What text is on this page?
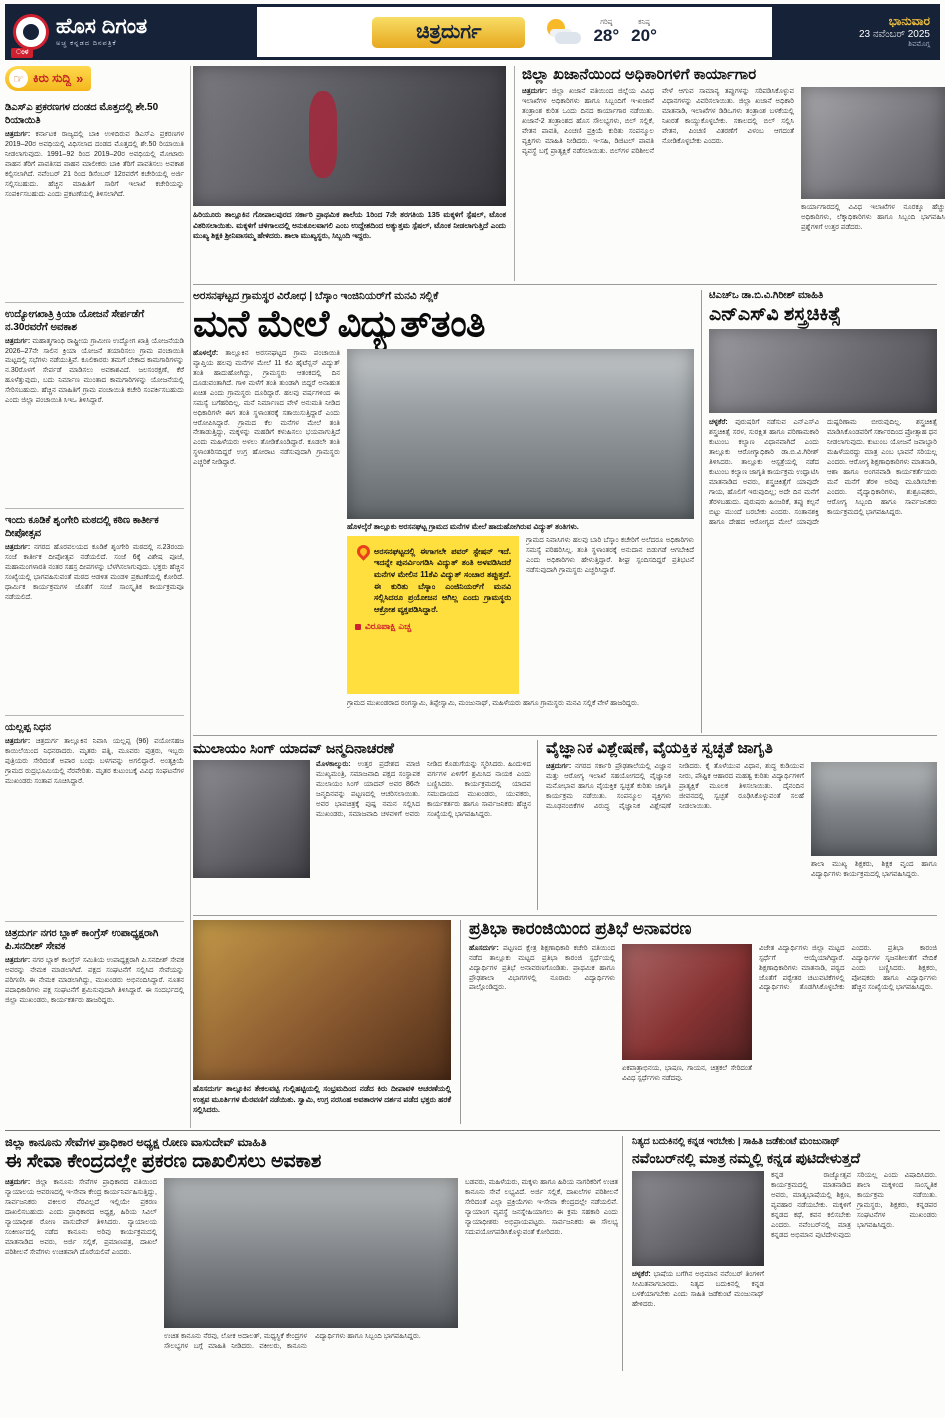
ಹೊಸ ದಿಗಂತ
ಅಚ್ಚ ಕನ್ನಡದ ದಿನಪತ್ರಿಕೆ
ಂಳ
ಚಿತ್ರದುರ್ಗ	ಗರಿಷ್ಠ
28°
ಕನಿಷ್ಠ
20°
ಭಾನುವಾರ
23 ನವೆಂಬರ್ 2025
ಶಿವಮೊಗ್ಗ
☞ ಕಿರು ಸುದ್ದಿ »
ಡಿಎಸ್‌ಎ ಪ್ರಕರಣಗಳ ದಂಡದ ಮೊತ್ತದಲ್ಲಿ ಶೇ.50 ರಿಯಾಯಿತಿ
ಚಿತ್ರದುರ್ಗ: ಕರ್ನಾಟಕ ರಾಜ್ಯದಲ್ಲಿ ಬಾಕಿ ಉಳಿದಿರುವ ಡಿಎಸ್‌ಎ ಪ್ರಕರಣಗಳ 2019–20ರ ಅವಧಿಯಲ್ಲಿ ವಿಧಿಸಲಾದ ದಂಡದ ಮೊತ್ತದಲ್ಲಿ ಶೇ.50 ರಿಯಾಯಿತಿ ನೀಡಲಾಗುವುದು. 1991–92 ರಿಂದ 2019–20ರ ಅವಧಿಯಲ್ಲಿ ಮೋಟಾರು ವಾಹನ ತೆರಿಗೆ ಪಾವತಿಸದ ವಾಹನ ಮಾಲೀಕರು ಬಾಕಿ ತೆರಿಗೆ ಪಾವತಿಸಲು ಅವಕಾಶ ಕಲ್ಪಿಸಲಾಗಿದೆ. ನವೆಂಬರ್ 21 ರಿಂದ ಡಿಸೆಂಬರ್ 12ರವರೆಗೆ ಕಚೇರಿಯಲ್ಲಿ ಅರ್ಜಿ ಸಲ್ಲಿಸಬಹುದು. ಹೆಚ್ಚಿನ ಮಾಹಿತಿಗೆ ಸಾರಿಗೆ ಇಲಾಖೆ ಕಚೇರಿಯನ್ನು ಸಂಪರ್ಕಿಸಬಹುದು ಎಂದು ಪ್ರಕಟಣೆಯಲ್ಲಿ ತಿಳಿಸಲಾಗಿದೆ.
ಉದ್ಯೋಗಖಾತ್ರಿ ಕ್ರಿಯಾ ಯೋಜನೆ ಸೇರ್ಪಡೆಗೆ ನ.30ರವರೆಗೆ ಅವಕಾಶ
ಚಿತ್ರದುರ್ಗ: ಮಹಾತ್ಮಗಾಂಧಿ ರಾಷ್ಟ್ರೀಯ ಗ್ರಾಮೀಣ ಉದ್ಯೋಗ ಖಾತ್ರಿ ಯೋಜನೆಯಡಿ 2026–27ನೇ ಸಾಲಿನ ಕ್ರಿಯಾ ಯೋಜನೆ ತಯಾರಿಸಲು ಗ್ರಾಮ ಪಂಚಾಯಿತಿ ಮಟ್ಟದಲ್ಲಿ ಸಭೆಗಳು ನಡೆಯುತ್ತಿವೆ. ಕೂಲಿಕಾರರು ತಮಗೆ ಬೇಕಾದ ಕಾಮಗಾರಿಗಳನ್ನು ನ.30ರೊಳಗೆ ಸೇರ್ಪಡೆ ಮಾಡಿಸಲು ಅವಕಾಶವಿದೆ. ಜಲಸಂರಕ್ಷಣೆ, ಕೆರೆ ಹೂಳೆತ್ತುವುದು, ಬದು ನಿರ್ಮಾಣ ಮುಂತಾದ ಕಾಮಗಾರಿಗಳನ್ನು ಯೋಜನೆಯಲ್ಲಿ ಸೇರಿಸಬಹುದು. ಹೆಚ್ಚಿನ ಮಾಹಿತಿಗೆ ಗ್ರಾಮ ಪಂಚಾಯಿತಿ ಕಚೇರಿ ಸಂಪರ್ಕಿಸಬಹುದು ಎಂದು ಜಿಲ್ಲಾ ಪಂಚಾಯಿತಿ ಸಿಇಒ ತಿಳಿಸಿದ್ದಾರೆ.
ಇಂದು ಕೂಡಿಕೆ ಶೃಂಗೇರಿ ಮಠದಲ್ಲಿ ಕಠಿಣ ಕಾರ್ತೀಕ ದೀಪೋತ್ಸವ
ಚಿತ್ರದುರ್ಗ: ನಗರದ ಹೊರವಲಯದ ಕೂಡಿಕೆ ಶೃಂಗೇರಿ ಮಠದಲ್ಲಿ ನ.23ರಂದು ಸಂಜೆ ಕಾರ್ತೀಕ ದೀಪೋತ್ಸವ ನಡೆಯಲಿದೆ. ಸಂಜೆ 6ಕ್ಕೆ ವಿಶೇಷ ಪೂಜೆ, ಮಹಾಮಂಗಳಾರತಿ ನಂತರ ಸಹಸ್ರ ದೀಪಗಳನ್ನು ಬೆಳಗಿಸಲಾಗುವುದು. ಭಕ್ತರು ಹೆಚ್ಚಿನ ಸಂಖ್ಯೆಯಲ್ಲಿ ಭಾಗವಹಿಸುವಂತೆ ಮಠದ ಆಡಳಿತ ಮಂಡಳಿ ಪ್ರಕಟಣೆಯಲ್ಲಿ ಕೋರಿದೆ. ಧಾರ್ಮಿಕ ಕಾರ್ಯಕ್ರಮಗಳ ಜೊತೆಗೆ ಸಂಜೆ ಸಾಂಸ್ಕೃತಿಕ ಕಾರ್ಯಕ್ರಮವೂ ನಡೆಯಲಿದೆ.
ಯಲ್ಲಪ್ಪ ನಿಧನ
ಚಿತ್ರದುರ್ಗ: ಚಿತ್ರದುರ್ಗ ತಾಲ್ಲೂಕಿನ ನಿವಾಸಿ ಯಲ್ಲಪ್ಪ (96) ವಯೋಸಹಜ ಕಾಯಿಲೆಯಿಂದ ನಿಧನರಾದರು. ಮೃತರು ಪತ್ನಿ, ಮೂವರು ಪುತ್ರರು, ಇಬ್ಬರು ಪುತ್ರಿಯರು ಸೇರಿದಂತೆ ಅಪಾರ ಬಂಧು ಬಳಗವನ್ನು ಅಗಲಿದ್ದಾರೆ. ಅಂತ್ಯಕ್ರಿಯೆ ಗ್ರಾಮದ ರುದ್ರಭೂಮಿಯಲ್ಲಿ ನೆರವೇರಿತು. ಮೃತರ ಕುಟುಂಬಕ್ಕೆ ವಿವಿಧ ಸಂಘಟನೆಗಳ ಮುಖಂಡರು ಸಂತಾಪ ಸೂಚಿಸಿದ್ದಾರೆ.
ಚಿತ್ರದುರ್ಗ ನಗರ ಬ್ಲಾಕ್ ಕಾಂಗ್ರೆಸ್ ಉಪಾಧ್ಯಕ್ಷರಾಗಿ ಪಿ.ಸನದೀಶ್ ಸೇವಕ
ಚಿತ್ರದುರ್ಗ: ನಗರ ಬ್ಲಾಕ್ ಕಾಂಗ್ರೆಸ್ ಸಮಿತಿಯ ಉಪಾಧ್ಯಕ್ಷರಾಗಿ ಪಿ.ಸನದೀಶ್ ಸೇವಕ ಅವರನ್ನು ನೇಮಕ ಮಾಡಲಾಗಿದೆ. ಪಕ್ಷದ ಸಂಘಟನೆಗೆ ಸಲ್ಲಿಸಿದ ಸೇವೆಯನ್ನು ಪರಿಗಣಿಸಿ ಈ ನೇಮಕ ಮಾಡಲಾಗಿದ್ದು, ಮುಖಂಡರು ಅಭಿನಂದಿಸಿದ್ದಾರೆ. ನೂತನ ಪದಾಧಿಕಾರಿಗಳು ಪಕ್ಷ ಸಂಘಟನೆಗೆ ಶ್ರಮಿಸುವುದಾಗಿ ತಿಳಿಸಿದ್ದಾರೆ. ಈ ಸಂದರ್ಭದಲ್ಲಿ ಜಿಲ್ಲಾ ಮುಖಂಡರು, ಕಾರ್ಯಕರ್ತರು ಹಾಜರಿದ್ದರು.
ಹಿರಿಯೂರು ತಾಲ್ಲೂಕಿನ ಗೋಪಾಲಪುರದ ಸರ್ಕಾರಿ ಪ್ರಾಥಮಿಕ ಶಾಲೆಯ 1ರಿಂದ 7ನೇ ತರಗತಿಯ 135 ಮಕ್ಕಳಿಗೆ ಸ್ಪೆಷಲ್, ಟೊಂಕ ವಿತರಿಸಲಾಯಿತು. ಮಕ್ಕಳಿಗೆ ಚಳಿಗಾಲದಲ್ಲಿ ಅನುಕೂಲವಾಗಲಿ ಎಂಬ ಉದ್ದೇಶದಿಂದ ಅತ್ಯುತ್ತಮ ಸ್ಪೆಷಲ್, ಟೊಂಕ ನೀಡಲಾಗುತ್ತಿದೆ ಎಂದು ಮುಖ್ಯ ಶಿಕ್ಷಕಿ ಶ್ರೀನಿವಾಸಮ್ಮ ಹೇಳಿದರು. ಶಾಲಾ ಮುಖ್ಯಸ್ಥರು, ಸಿಬ್ಬಂದಿ ಇದ್ದರು.
ಜಿಲ್ಲಾ ಖಜಾನೆಯಿಂದ ಅಧಿಕಾರಿಗಳಿಗೆ ಕಾರ್ಯಾಗಾರ
ಚಿತ್ರದುರ್ಗ: ಜಿಲ್ಲಾ ಖಜಾನೆ ವತಿಯಿಂದ ಜಿಲ್ಲೆಯ ವಿವಿಧ ಇಲಾಖೆಗಳ ಅಧಿಕಾರಿಗಳು ಹಾಗೂ ಸಿಬ್ಬಂದಿಗೆ ಇ-ಖಜಾನೆ ತಂತ್ರಾಂಶ ಕುರಿತ ಒಂದು ದಿನದ ಕಾರ್ಯಾಗಾರ ನಡೆಯಿತು. ಖಜಾನೆ-2 ತಂತ್ರಾಂಶದ ಹೊಸ ಸೌಲಭ್ಯಗಳು, ಬಿಲ್ ಸಲ್ಲಿಕೆ, ವೇತನ ಪಾವತಿ, ಪಿಂಚಣಿ ಪ್ರಕ್ರಿಯೆ ಕುರಿತು ಸಂಪನ್ಮೂಲ ವ್ಯಕ್ತಿಗಳು ಮಾಹಿತಿ ನೀಡಿದರು. ಇ-ಸಹಿ, ಡಿಜಿಟಲ್ ಪಾವತಿ ವ್ಯವಸ್ಥೆ ಬಗ್ಗೆ ಪ್ರಾತ್ಯಕ್ಷಿಕೆ ನಡೆಸಲಾಯಿತು. ಬಿಲ್‌ಗಳ ಪರಿಶೀಲನೆ ವೇಳೆ ಆಗುವ ಸಾಮಾನ್ಯ ತಪ್ಪುಗಳನ್ನು ಸರಿಪಡಿಸಿಕೊಳ್ಳುವ ವಿಧಾನಗಳನ್ನು ವಿವರಿಸಲಾಯಿತು. ಜಿಲ್ಲಾ ಖಜಾನೆ ಅಧಿಕಾರಿ ಮಾತನಾಡಿ, ಇಲಾಖೆಗಳ ಡಿಡಿಒಗಳು ತಂತ್ರಾಂಶ ಬಳಕೆಯಲ್ಲಿ ನಿಖರತೆ ಕಾಯ್ದುಕೊಳ್ಳಬೇಕು. ಸಕಾಲದಲ್ಲಿ ಬಿಲ್ ಸಲ್ಲಿಸಿ ವೇತನ, ಪಿಂಚಣಿ ವಿತರಣೆಗೆ ವಿಳಂಬ ಆಗದಂತೆ ನೋಡಿಕೊಳ್ಳಬೇಕು ಎಂದರು.
ಕಾರ್ಯಾಗಾರದಲ್ಲಿ ವಿವಿಧ ಇಲಾಖೆಗಳ ನೂರಕ್ಕೂ ಹೆಚ್ಚು ಅಧಿಕಾರಿಗಳು, ಲೆಕ್ಕಾಧಿಕಾರಿಗಳು ಹಾಗೂ ಸಿಬ್ಬಂದಿ ಭಾಗವಹಿಸಿ ಪ್ರಶ್ನೆಗಳಿಗೆ ಉತ್ತರ ಪಡೆದರು.
ಅರಸನಘಟ್ಟದ ಗ್ರಾಮಸ್ಥರ ವಿರೋಧ | ಬೆಸ್ಕಾಂ ಇಂಜಿನಿಯರ್‌ಗೆ ಮನವಿ ಸಲ್ಲಿಕೆ
ಮನೆ ಮೇಲೆ ವಿದ್ಯುತ್‌ತಂತಿ
ಹೊಳಲ್ಕೆರೆ: ತಾಲ್ಲೂಕಿನ ಅರಸನಘಟ್ಟದ ಗ್ರಾಮ ಪಂಚಾಯಿತಿ ವ್ಯಾಪ್ತಿಯ ಹಲವು ಮನೆಗಳ ಮೇಲೆ 11 ಕೆವಿ ಹೈಟೆನ್ಷನ್ ವಿದ್ಯುತ್ ತಂತಿ ಹಾದುಹೋಗಿದ್ದು, ಗ್ರಾಮಸ್ಥರು ಆತಂಕದಲ್ಲಿ ದಿನ ದೂಡುವಂತಾಗಿದೆ. ಗಾಳಿ ಮಳೆಗೆ ತಂತಿ ತುಂಡಾಗಿ ಬಿದ್ದರೆ ಅನಾಹುತ ಖಚಿತ ಎಂದು ಗ್ರಾಮಸ್ಥರು ದೂರಿದ್ದಾರೆ. ಹಲವು ವರ್ಷಗಳಿಂದ ಈ ಸಮಸ್ಯೆ ಬಗೆಹರಿದಿಲ್ಲ. ಮನೆ ನಿರ್ಮಾಣದ ವೇಳೆ ಅನುಮತಿ ನೀಡಿದ ಅಧಿಕಾರಿಗಳೇ ಈಗ ತಂತಿ ಸ್ಥಳಾಂತರಕ್ಕೆ ಸತಾಯಿಸುತ್ತಿದ್ದಾರೆ ಎಂದು ಆರೋಪಿಸಿದ್ದಾರೆ. ಗ್ರಾಮದ ಕೆಲ ಮನೆಗಳ ಮೇಲೆ ತಂತಿ ನೇತಾಡುತ್ತಿದ್ದು, ಮಕ್ಕಳನ್ನು ಮಹಡಿಗೆ ಕಳುಹಿಸಲು ಭಯವಾಗುತ್ತಿದೆ ಎಂದು ಮಹಿಳೆಯರು ಅಳಲು ತೋಡಿಕೊಂಡಿದ್ದಾರೆ. ಕೂಡಲೇ ತಂತಿ ಸ್ಥಳಾಂತರಿಸದಿದ್ದರೆ ಉಗ್ರ ಹೋರಾಟ ನಡೆಸುವುದಾಗಿ ಗ್ರಾಮಸ್ಥರು ಎಚ್ಚರಿಕೆ ನೀಡಿದ್ದಾರೆ.
ಹೊಳಲ್ಕೆರೆ ತಾಲ್ಲೂಕು ಅರಸನಘಟ್ಟ ಗ್ರಾಮದ ಮನೆಗಳ ಮೇಲೆ ಹಾದುಹೋಗಿರುವ ವಿದ್ಯುತ್ ತಂತಿಗಳು.
ಅರಸನಘಟ್ಟದಲ್ಲಿ ಈಗಾಗಲೇ ಪವರ್ ಸ್ಟೇಷನ್ ಇದೆ. ಇದನ್ನೇ ಪುನರ್ವಿಂಗಡಿಸಿ ವಿದ್ಯುತ್ ತಂತಿ ಅಳವಡಿಸಿದರೆ ಮನೆಗಳ ಮೇಲಿನ 11ಕೆವಿ ವಿದ್ಯುತ್ ಸಂಚಾರ ತಪ್ಪುತ್ತದೆ. ಈ ಕುರಿತು ಬೆಸ್ಕಾಂ ಎಂಜಿನಿಯರ್‌ಗೆ ಮನವಿ ಸಲ್ಲಿಸಿದರೂ ಪ್ರಯೋಜನ ಆಗಿಲ್ಲ ಎಂದು ಗ್ರಾಮಸ್ಥರು ಆಕ್ರೋಶ ವ್ಯಕ್ತಪಡಿಸಿದ್ದಾರೆ.
ವಿರೂಪಾಕ್ಷಿ ಎಚ್ಚ
ಗ್ರಾಮದ ನಿವಾಸಿಗಳು ಹಲವು ಬಾರಿ ಬೆಸ್ಕಾಂ ಕಚೇರಿಗೆ ಅಲೆದರೂ ಅಧಿಕಾರಿಗಳು ಸಮಸ್ಯೆ ಪರಿಹರಿಸಿಲ್ಲ. ತಂತಿ ಸ್ಥಳಾಂತರಕ್ಕೆ ಅನುದಾನ ಬಿಡುಗಡೆ ಆಗಬೇಕಿದೆ ಎಂದು ಅಧಿಕಾರಿಗಳು ಹೇಳುತ್ತಿದ್ದಾರೆ. ಶೀಘ್ರ ಸ್ಪಂದಿಸದಿದ್ದರೆ ಪ್ರತಿಭಟನೆ ನಡೆಸುವುದಾಗಿ ಗ್ರಾಮಸ್ಥರು ಎಚ್ಚರಿಸಿದ್ದಾರೆ.
ಗ್ರಾಮದ ಮುಖಂಡರಾದ ರಂಗಸ್ವಾಮಿ, ತಿಪ್ಪೇಸ್ವಾಮಿ, ಮಂಜುನಾಥ್, ಮಹಿಳೆಯರು ಹಾಗೂ ಗ್ರಾಮಸ್ಥರು ಮನವಿ ಸಲ್ಲಿಕೆ ವೇಳೆ ಹಾಜರಿದ್ದರು.
ಟಿಎಚ್‌ಒ ಡಾ.ಬಿ.ವಿ.ಗಿರೀಶ್ ಮಾಹಿತಿ
ಎನ್‌ಎಸ್‌ವಿ ಶಸ್ತ್ರಚಿಕಿತ್ಸೆ
ಚಳ್ಳಕೆರೆ: ಪುರುಷರಿಗೆ ನಡೆಸುವ ಎನ್‌ಎಸ್‌ವಿ ಶಸ್ತ್ರಚಿಕಿತ್ಸೆ ಸರಳ, ಸುರಕ್ಷಿತ ಹಾಗೂ ಪರಿಣಾಮಕಾರಿ ಕುಟುಂಬ ಕಲ್ಯಾಣ ವಿಧಾನವಾಗಿದೆ ಎಂದು ತಾಲ್ಲೂಕು ಆರೋಗ್ಯಾಧಿಕಾರಿ ಡಾ.ಬಿ.ವಿ.ಗಿರೀಶ್ ತಿಳಿಸಿದರು. ತಾಲ್ಲೂಕು ಆಸ್ಪತ್ರೆಯಲ್ಲಿ ನಡೆದ ಕುಟುಂಬ ಕಲ್ಯಾಣ ಜಾಗೃತಿ ಕಾರ್ಯಕ್ರಮ ಉದ್ಘಾಟಿಸಿ ಮಾತನಾಡಿದ ಅವರು, ಶಸ್ತ್ರಚಿಕಿತ್ಸೆಗೆ ಯಾವುದೇ ಗಾಯ, ಹೊಲಿಗೆ ಇರುವುದಿಲ್ಲ; ಅದೇ ದಿನ ಮನೆಗೆ ತೆರಳಬಹುದು. ಪುರುಷರು ಹಿಂಜರಿಕೆ, ತಪ್ಪು ಕಲ್ಪನೆ ಬಿಟ್ಟು ಮುಂದೆ ಬರಬೇಕು ಎಂದರು. ಸಂತಾನಶಕ್ತಿ ಹಾಗೂ ದೇಹದ ಆರೋಗ್ಯದ ಮೇಲೆ ಯಾವುದೇ ದುಷ್ಪರಿಣಾಮ ಬೀರುವುದಿಲ್ಲ. ಶಸ್ತ್ರಚಿಕಿತ್ಸೆ ಮಾಡಿಸಿಕೊಂಡವರಿಗೆ ಸರ್ಕಾರದಿಂದ ಪ್ರೋತ್ಸಾಹ ಧನ ನೀಡಲಾಗುವುದು. ಕುಟುಂಬ ಯೋಜನೆ ಜವಾಬ್ದಾರಿ ಮಹಿಳೆಯರದ್ದು ಮಾತ್ರ ಎಂಬ ಭಾವನೆ ಸರಿಯಲ್ಲ ಎಂದರು. ಆರೋಗ್ಯ ಶಿಕ್ಷಣಾಧಿಕಾರಿಗಳು ಮಾತನಾಡಿ, ಆಶಾ ಹಾಗೂ ಅಂಗನವಾಡಿ ಕಾರ್ಯಕರ್ತೆಯರು ಮನೆ ಮನೆಗೆ ತೆರಳಿ ಅರಿವು ಮೂಡಿಸಬೇಕು ಎಂದರು. ವೈದ್ಯಾಧಿಕಾರಿಗಳು, ಶುಶ್ರೂಷಕರು, ಆರೋಗ್ಯ ಸಿಬ್ಬಂದಿ ಹಾಗೂ ಸಾರ್ವಜನಿಕರು ಕಾರ್ಯಕ್ರಮದಲ್ಲಿ ಭಾಗವಹಿಸಿದ್ದರು.
ಮುಲಾಯಂ ಸಿಂಗ್ ಯಾದವ್ ಜನ್ಮದಿನಾಚರಣೆ
ಮೊಳಕಾಲ್ಮುರು: ಉತ್ತರ ಪ್ರದೇಶದ ಮಾಜಿ ಮುಖ್ಯಮಂತ್ರಿ, ಸಮಾಜವಾದಿ ಪಕ್ಷದ ಸಂಸ್ಥಾಪಕ ಮುಲಾಯಂ ಸಿಂಗ್ ಯಾದವ್ ಅವರ 86ನೇ ಜನ್ಮದಿನವನ್ನು ಪಟ್ಟಣದಲ್ಲಿ ಆಚರಿಸಲಾಯಿತು. ಅವರ ಭಾವಚಿತ್ರಕ್ಕೆ ಪುಷ್ಪ ನಮನ ಸಲ್ಲಿಸಿದ ಮುಖಂಡರು, ಸಮಾಜವಾದಿ ಚಳವಳಿಗೆ ಅವರು ನೀಡಿದ ಕೊಡುಗೆಯನ್ನು ಸ್ಮರಿಸಿದರು. ಹಿಂದುಳಿದ ವರ್ಗಗಳ ಏಳಿಗೆಗೆ ಶ್ರಮಿಸಿದ ನಾಯಕ ಎಂದು ಬಣ್ಣಿಸಿದರು. ಕಾರ್ಯಕ್ರಮದಲ್ಲಿ ಯಾದವ ಸಮುದಾಯದ ಮುಖಂಡರು, ಯುವಕರು, ಕಾರ್ಯಕರ್ತರು ಹಾಗೂ ಸಾರ್ವಜನಿಕರು ಹೆಚ್ಚಿನ ಸಂಖ್ಯೆಯಲ್ಲಿ ಭಾಗವಹಿಸಿದ್ದರು.
ವೈಜ್ಞಾನಿಕ ವಿಶ್ಲೇಷಣೆ, ವೈಯಕ್ತಿಕ ಸ್ವಚ್ಛತೆ ಜಾಗೃತಿ
ಚಿತ್ರದುರ್ಗ: ನಗರದ ಸರ್ಕಾರಿ ಪ್ರೌಢಶಾಲೆಯಲ್ಲಿ ವಿಜ್ಞಾನ ಮತ್ತು ಆರೋಗ್ಯ ಇಲಾಖೆ ಸಹಯೋಗದಲ್ಲಿ ವೈಜ್ಞಾನಿಕ ಮನೋಭಾವ ಹಾಗೂ ವೈಯಕ್ತಿಕ ಸ್ವಚ್ಛತೆ ಕುರಿತು ಜಾಗೃತಿ ಕಾರ್ಯಕ್ರಮ ನಡೆಯಿತು. ಸಂಪನ್ಮೂಲ ವ್ಯಕ್ತಿಗಳು ಮೂಢನಂಬಿಕೆಗಳ ವಿರುದ್ಧ ವೈಜ್ಞಾನಿಕ ವಿಶ್ಲೇಷಣೆ ನೀಡಿದರು. ಕೈ ತೊಳೆಯುವ ವಿಧಾನ, ಶುದ್ಧ ಕುಡಿಯುವ ನೀರು, ಪೌಷ್ಟಿಕ ಆಹಾರದ ಮಹತ್ವ ಕುರಿತು ವಿದ್ಯಾರ್ಥಿಗಳಿಗೆ ಪ್ರಾತ್ಯಕ್ಷಿಕೆ ಮೂಲಕ ತಿಳಿಸಲಾಯಿತು. ದೈನಂದಿನ ಜೀವನದಲ್ಲಿ ಸ್ವಚ್ಛತೆ ರೂಢಿಸಿಕೊಳ್ಳುವಂತೆ ಸಲಹೆ ನೀಡಲಾಯಿತು.
ಶಾಲಾ ಮುಖ್ಯ ಶಿಕ್ಷಕರು, ಶಿಕ್ಷಕ ವೃಂದ ಹಾಗೂ ವಿದ್ಯಾರ್ಥಿಗಳು ಕಾರ್ಯಕ್ರಮದಲ್ಲಿ ಭಾಗವಹಿಸಿದ್ದರು.
ಹೊಸದುರ್ಗ ತಾಲ್ಲೂಕಿನ ತೇಕಲವಟ್ಟಿ ಗುಲ್ಲಿಹಟ್ಟಿಯಲ್ಲಿ ಸಂಭ್ರಮದಿಂದ ನಡೆದ ಕಿರು ದೀಪಾವಳಿ ಆಚರಣೆಯಲ್ಲಿ ಉತ್ಸವ ಮೂರ್ತಿಗಳ ಮೆರವಣಿಗೆ ನಡೆಯಿತು. ಸ್ವಾಮಿ, ಉಗ್ರ ನರಸಿಂಹ ಅವತಾರಗಳ ದರ್ಶನ ಪಡೆದ ಭಕ್ತರು ಹರಕೆ ಸಲ್ಲಿಸಿದರು.
ಪ್ರತಿಭಾ ಕಾರಂಜಿಯಿಂದ ಪ್ರತಿಭೆ ಅನಾವರಣ
ಹೊಸದುರ್ಗ: ಪಟ್ಟಣದ ಕ್ಷೇತ್ರ ಶಿಕ್ಷಣಾಧಿಕಾರಿ ಕಚೇರಿ ವತಿಯಿಂದ ನಡೆದ ತಾಲ್ಲೂಕು ಮಟ್ಟದ ಪ್ರತಿಭಾ ಕಾರಂಜಿ ಸ್ಪರ್ಧೆಯಲ್ಲಿ ವಿದ್ಯಾರ್ಥಿಗಳ ಪ್ರತಿಭೆ ಅನಾವರಣಗೊಂಡಿತು. ಪ್ರಾಥಮಿಕ ಹಾಗೂ ಪ್ರೌಢಶಾಲಾ ವಿಭಾಗಗಳಲ್ಲಿ ನೂರಾರು ವಿದ್ಯಾರ್ಥಿಗಳು ಪಾಲ್ಗೊಂಡಿದ್ದರು.
ಏಕಪಾತ್ರಾಭಿನಯ, ಭಾಷಣ, ಗಾಯನ, ಚಿತ್ರಕಲೆ ಸೇರಿದಂತೆ ವಿವಿಧ ಸ್ಪರ್ಧೆಗಳು ನಡೆದವು.
ವಿಜೇತ ವಿದ್ಯಾರ್ಥಿಗಳು ಜಿಲ್ಲಾ ಮಟ್ಟದ ಸ್ಪರ್ಧೆಗೆ ಆಯ್ಕೆಯಾಗಿದ್ದಾರೆ. ಶಿಕ್ಷಣಾಧಿಕಾರಿಗಳು ಮಾತನಾಡಿ, ಪಠ್ಯದ ಜೊತೆಗೆ ಪಠ್ಯೇತರ ಚಟುವಟಿಕೆಗಳಲ್ಲಿ ವಿದ್ಯಾರ್ಥಿಗಳು ತೊಡಗಿಸಿಕೊಳ್ಳಬೇಕು ಎಂದರು. ಪ್ರತಿಭಾ ಕಾರಂಜಿ ವಿದ್ಯಾರ್ಥಿಗಳ ಸೃಜನಶೀಲತೆಗೆ ವೇದಿಕೆ ಎಂದು ಬಣ್ಣಿಸಿದರು. ಶಿಕ್ಷಕರು, ಪೋಷಕರು ಹಾಗೂ ವಿದ್ಯಾರ್ಥಿಗಳು ಹೆಚ್ಚಿನ ಸಂಖ್ಯೆಯಲ್ಲಿ ಭಾಗವಹಿಸಿದ್ದರು.
ಜಿಲ್ಲಾ ಕಾನೂನು ಸೇವೆಗಳ ಪ್ರಾಧಿಕಾರ ಅಧ್ಯಕ್ಷ ರೋಣ ವಾಸುದೇವ್ ಮಾಹಿತಿ
ಈ ಸೇವಾ ಕೇಂದ್ರದಲ್ಲೇ ಪ್ರಕರಣ ದಾಖಲಿಸಲು ಅವಕಾಶ
ಚಿತ್ರದುರ್ಗ: ಜಿಲ್ಲಾ ಕಾನೂನು ಸೇವೆಗಳ ಪ್ರಾಧಿಕಾರದ ವತಿಯಿಂದ ನ್ಯಾಯಾಲಯ ಆವರಣದಲ್ಲಿ ಇ-ಸೇವಾ ಕೇಂದ್ರ ಕಾರ್ಯನಿರ್ವಹಿಸುತ್ತಿದ್ದು, ಸಾರ್ವಜನಿಕರು ವಕೀಲರ ನೆರವಿಲ್ಲದೆ ಇಲ್ಲಿಯೇ ಪ್ರಕರಣ ದಾಖಲಿಸಬಹುದು ಎಂದು ಪ್ರಾಧಿಕಾರದ ಅಧ್ಯಕ್ಷ, ಹಿರಿಯ ಸಿವಿಲ್ ನ್ಯಾಯಾಧೀಶ ರೋಣ ವಾಸುದೇವ್ ತಿಳಿಸಿದರು. ನ್ಯಾಯಾಲಯ ಸಂಕೀರ್ಣದಲ್ಲಿ ನಡೆದ ಕಾನೂನು ಅರಿವು ಕಾರ್ಯಕ್ರಮದಲ್ಲಿ ಮಾತನಾಡಿದ ಅವರು, ಅರ್ಜಿ ಸಲ್ಲಿಕೆ, ಪ್ರಮಾಣಪತ್ರ, ದಾಖಲೆ ಪರಿಶೀಲನೆ ಸೇವೆಗಳು ಉಚಿತವಾಗಿ ದೊರೆಯಲಿವೆ ಎಂದರು.
ಉಚಿತ ಕಾನೂನು ನೆರವು, ಲೋಕ ಅದಾಲತ್, ಮಧ್ಯಸ್ಥಿಕೆ ಕೇಂದ್ರಗಳ ಸೌಲಭ್ಯಗಳ ಬಗ್ಗೆ ಮಾಹಿತಿ ನೀಡಿದರು. ವಕೀಲರು, ಕಾನೂನು ವಿದ್ಯಾರ್ಥಿಗಳು ಹಾಗೂ ಸಿಬ್ಬಂದಿ ಭಾಗವಹಿಸಿದ್ದರು.
ಬಡವರು, ಮಹಿಳೆಯರು, ಮಕ್ಕಳು ಹಾಗೂ ಹಿರಿಯ ನಾಗರಿಕರಿಗೆ ಉಚಿತ ಕಾನೂನು ಸೇವೆ ಲಭ್ಯವಿದೆ. ಅರ್ಜಿ ಸಲ್ಲಿಕೆ, ದಾಖಲೆಗಳ ಪರಿಶೀಲನೆ ಸೇರಿದಂತೆ ಎಲ್ಲಾ ಪ್ರಕ್ರಿಯೆಗಳು ಇ-ಸೇವಾ ಕೇಂದ್ರದಲ್ಲೇ ನಡೆಯಲಿವೆ. ನ್ಯಾಯಾಂಗ ವ್ಯವಸ್ಥೆ ಜನಸ್ನೇಹಿಯಾಗಲು ಈ ಕ್ರಮ ಸಹಕಾರಿ ಎಂದು ನ್ಯಾಯಾಧೀಶರು ಅಭಿಪ್ರಾಯಪಟ್ಟರು. ಸಾರ್ವಜನಿಕರು ಈ ಸೌಲಭ್ಯ ಸದುಪಯೋಗಪಡಿಸಿಕೊಳ್ಳುವಂತೆ ಕೋರಿದರು.
ನಿತ್ಯದ ಬದುಕಿನಲ್ಲಿ ಕನ್ನಡ ಇರಬೇಕು | ಸಾಹಿತಿ ಜಡೆಕುಂಟೆ ಮಂಜುನಾಥ್
ನವೆಂಬರ್‌ನಲ್ಲಿ ಮಾತ್ರ ನಮ್ಮಲ್ಲಿ ಕನ್ನಡ ಪುಟಿದೇಳುತ್ತದೆ
ಚಳ್ಳಕೆರೆ: ಭಾಷೆಯ ಬಗೆಗಿನ ಅಭಿಮಾನ ನವೆಂಬರ್ ತಿಂಗಳಿಗೆ ಸೀಮಿತವಾಗಬಾರದು. ನಿತ್ಯದ ಬದುಕಿನಲ್ಲಿ ಕನ್ನಡ ಬಳಕೆಯಾಗಬೇಕು ಎಂದು ಸಾಹಿತಿ ಜಡೆಕುಂಟೆ ಮಂಜುನಾಥ್ ಹೇಳಿದರು.
ಕನ್ನಡ ರಾಜ್ಯೋತ್ಸವ ಕಾರ್ಯಕ್ರಮದಲ್ಲಿ ಮಾತನಾಡಿದ ಅವರು, ಮಾತೃಭಾಷೆಯಲ್ಲಿ ಶಿಕ್ಷಣ, ವ್ಯವಹಾರ ನಡೆಯಬೇಕು. ಮಕ್ಕಳಿಗೆ ಕನ್ನಡದ ಕಥೆ, ಕವನ ಕಲಿಸಬೇಕು ಎಂದರು. ನವೆಂಬರ್‌ನಲ್ಲಿ ಮಾತ್ರ ಕನ್ನಡದ ಅಭಿಮಾನ ಪುಟಿದೇಳುವುದು ಸರಿಯಲ್ಲ ಎಂದು ವಿಷಾದಿಸಿದರು. ಶಾಲಾ ಮಕ್ಕಳಿಂದ ಸಾಂಸ್ಕೃತಿಕ ಕಾರ್ಯಕ್ರಮ ನಡೆಯಿತು. ಗ್ರಾಮಸ್ಥರು, ಶಿಕ್ಷಕರು, ಕನ್ನಡಪರ ಸಂಘಟನೆಗಳ ಮುಖಂಡರು ಭಾಗವಹಿಸಿದ್ದರು.
